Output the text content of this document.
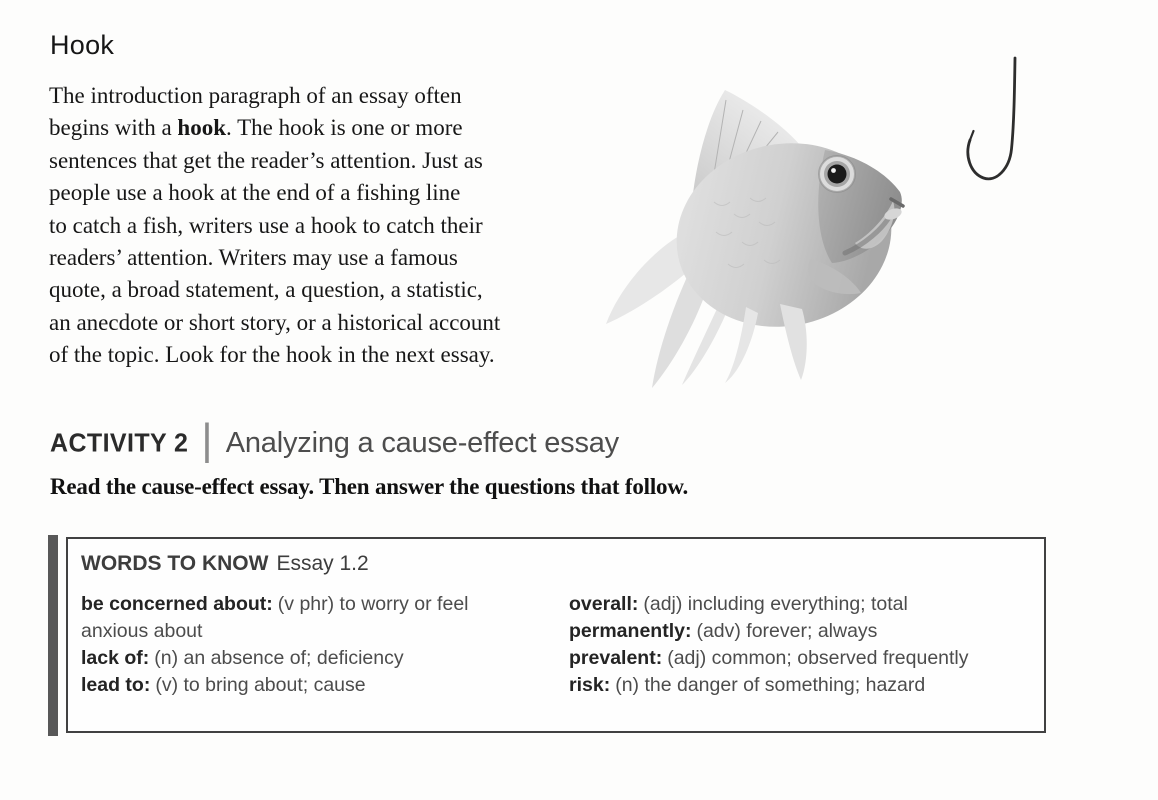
Hook
The introduction paragraph of an essay often
begins with a hook. The hook is one or more
sentences that get the reader’s attention. Just as
people use a hook at the end of a fishing line
to catch a fish, writers use a hook to catch their
readers’ attention. Writers may use a famous
quote, a broad statement, a question, a statistic,
an anecdote or short story, or a historical account
of the topic. Look for the hook in the next essay.
ACTIVITY 2 | Analyzing a cause-effect essay

Read the cause-effect essay. Then answer the questions that follow.

WORDS TO KNOW Essay 1.2
be concerned about: (v phr) to worry or feel anxious about
lack of: (n) an absence of; deficiency
lead to: (v) to bring about; cause
overall: (adj) including everything; total
permanently: (adv) forever; always
prevalent: (adj) common; observed frequently
risk: (n) the danger of something; hazard
